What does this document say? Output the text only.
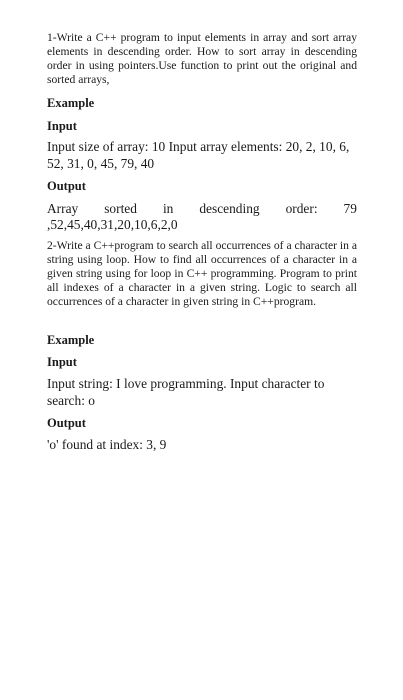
1-Write a C++ program to input elements in array and sort array elements in descending order. How to sort array in descending order in using pointers.Use function to print out the original and sorted arrays,

Example
Input

Input size of array: 10 Input array elements: 20, 2, 10, 6, 52, 31, 0, 45, 79, 40

Output
Array sorted in descending order: 79
,52,45,40,31,20,10,6,2,0

2-Write a C++program to search all occurrences of a character in a string using loop. How to find all occurrences of a character in a given string using for loop in C++ programming. Program to print all indexes of a character in a given string. Logic to search all occurrences of a character in given string in C++program.

Example
Input

Input string: I love programming. Input character to search: o

Output
'o' found at index: 3, 9
